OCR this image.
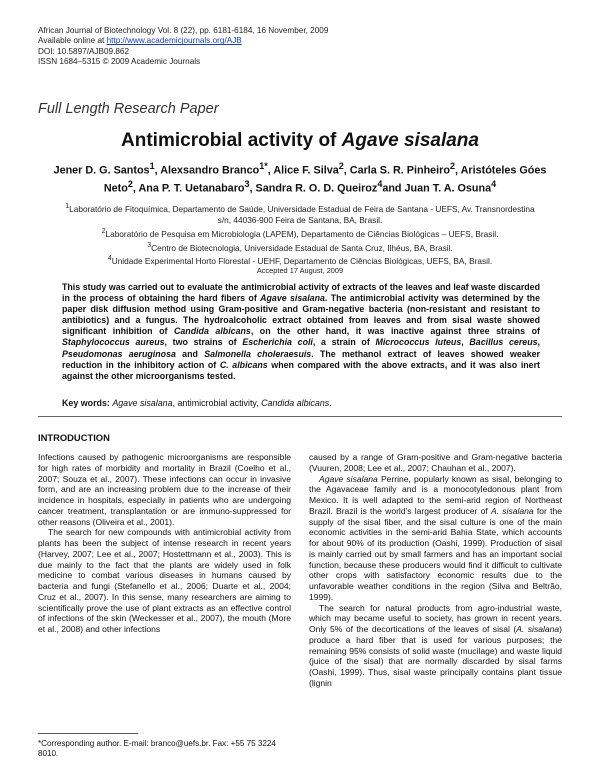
African Journal of Biotechnology Vol. 8 (22), pp. 6181-6184, 16 November, 2009
Available online at http://www.academicjournals.org/AJB
DOI: 10.5897/AJB09.862
ISSN 1684–5315 © 2009 Academic Journals
Full Length Research Paper
Antimicrobial activity of Agave sisalana
Jener D. G. Santos$^1$, Alexsandro Branco$^{1*}$, Alice F. Silva$^2$, Carla S. R. Pinheiro$^2$, Aristóteles Góes Neto$^2$, Ana P. T. Uetanabaro$^3$, Sandra R. O. D. Queiroz$^4$and Juan T. A. Osuna$^4$
$^1$Laboratório de Fitoquímica, Departamento de Saúde, Universidade Estadual de Feira de Santana - UEFS, Av. Transnordestina s/n, 44036-900 Feira de Santana, BA, Brasil.
$^2$Laboratório de Pesquisa em Microbiologia (LAPEM), Departamento de Ciências Biológicas – UEFS, Brasil.
$^3$Centro de Biotecnologia, Universidade Estadual de Santa Cruz, Ilhéus, BA, Brasil.
$^4$Unidade Experimental Horto Florestal - UEHF, Departamento de Ciências Biológicas, UEFS, BA, Brasil.
Accepted 17 August, 2009
This study was carried out to evaluate the antimicrobial activity of extracts of the leaves and leaf waste discarded in the process of obtaining the hard fibers of Agave sisalana. The antimicrobial activity was determined by the paper disk diffusion method using Gram-positive and Gram-negative bacteria (non-resistant and resistant to antibiotics) and a fungus. The hydroalcoholic extract obtained from leaves and from sisal waste showed significant inhibition of Candida albicans, on the other hand, it was inactive against three strains of Staphylococcus aureus, two strains of Escherichia coli, a strain of Micrococcus luteus, Bacillus cereus, Pseudomonas aeruginosa and Salmonella choleraesuis. The methanol extract of leaves showed weaker reduction in the inhibitory action of C. albicans when compared with the above extracts, and it was also inert against the other microorganisms tested.
Key words: Agave sisalana, antimicrobial activity, Candida albicans.
INTRODUCTION

Infections caused by pathogenic microorganisms are responsible for high rates of morbidity and mortality in Brazil (Coelho et al., 2007; Souza et al., 2007). These infections can occur in invasive form, and are an increasing problem due to the increase of their incidence in hospitals, especially in patients who are undergoing cancer treatment, transplantation or are immuno-suppressed for other reasons (Oliveira et al., 2001).

The search for new compounds with antimicrobial activity from plants has been the subject of intense research in recent years (Harvey, 2007; Lee et al., 2007; Hostettmann et al., 2003). This is due mainly to the fact that the plants are widely used in folk medicine to combat various diseases in humans caused by bacteria and fungi (Stefanello et al., 2006; Duarte et al., 2004; Cruz et al., 2007). In this sense, many researchers are aiming to scientifically prove the use of plant extracts as an effective control of infections of the skin (Weckesser et al., 2007), the mouth (More et al., 2008) and other infections

caused by a range of Gram-positive and Gram-negative bacteria (Vuuren, 2008; Lee et al., 2007; Chauhan et al., 2007).

Agave sisalana Perrine, popularly known as sisal, belonging to the Agavaceae family and is a monocotyledonous plant from Mexico. It is well adapted to the semi-arid region of Northeast Brazil. Brazil is the world's largest producer of A. sisalana for the supply of the sisal fiber, and the sisal culture is one of the main economic activities in the semi-arid Bahia State, which accounts for about 90% of its production (Oashi, 1999). Production of sisal is mainly carried out by small farmers and has an important social function, because these producers would find it difficult to cultivate other crops with satisfactory economic results due to the unfavorable weather conditions in the region (Silva and Beltrão, 1999).

The search for natural products from agro-industrial waste, which may became useful to society, has grown in recent years. Only 5% of the decortications of the leaves of sisal (A. sisalana) produce a hard fiber that is used for various purposes; the remaining 95% consists of solid waste (mucilage) and waste liquid (juice of the sisal) that are normally discarded by sisal farms (Oashi, 1999). Thus, sisal waste principally contains plant tissue (lignin

*Corresponding author. E-mail: branco@uefs.br. Fax: +55 75 3224 8010.
